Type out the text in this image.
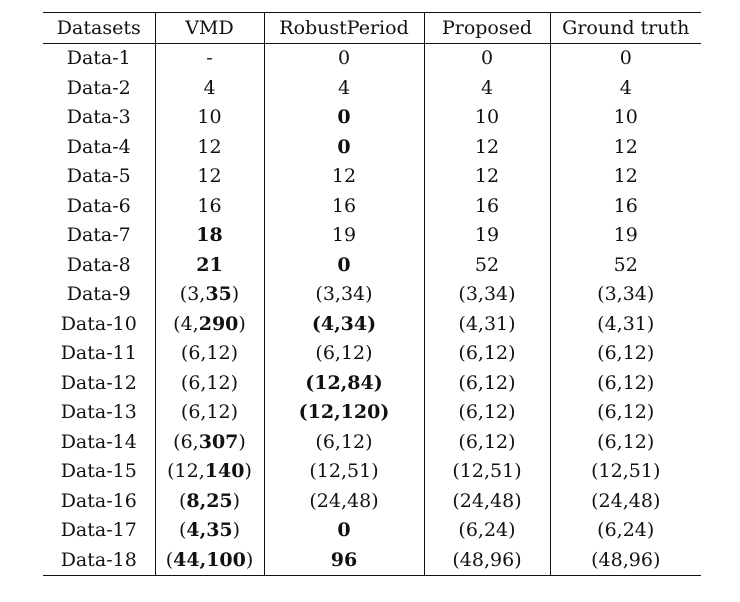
Datasets	VMD	RobustPeriod	Proposed	Ground truth
Data-1	-	0	0	0
Data-2	4	4	4	4
Data-3	10	0	10	10
Data-4	12	0	12	12
Data-5	12	12	12	12
Data-6	16	16	16	16
Data-7	18	19	19	19
Data-8	21	0	52	52
Data-9	(3,35)	(3,34)	(3,34)	(3,34)
Data-10	(4,290)	(4,34)	(4,31)	(4,31)
Data-11	(6,12)	(6,12)	(6,12)	(6,12)
Data-12	(6,12)	(12,84)	(6,12)	(6,12)
Data-13	(6,12)	(12,120)	(6,12)	(6,12)
Data-14	(6,307)	(6,12)	(6,12)	(6,12)
Data-15	(12,140)	(12,51)	(12,51)	(12,51)
Data-16	(8,25)	(24,48)	(24,48)	(24,48)
Data-17	(4,35)	0	(6,24)	(6,24)
Data-18	(44,100)	96	(48,96)	(48,96)
